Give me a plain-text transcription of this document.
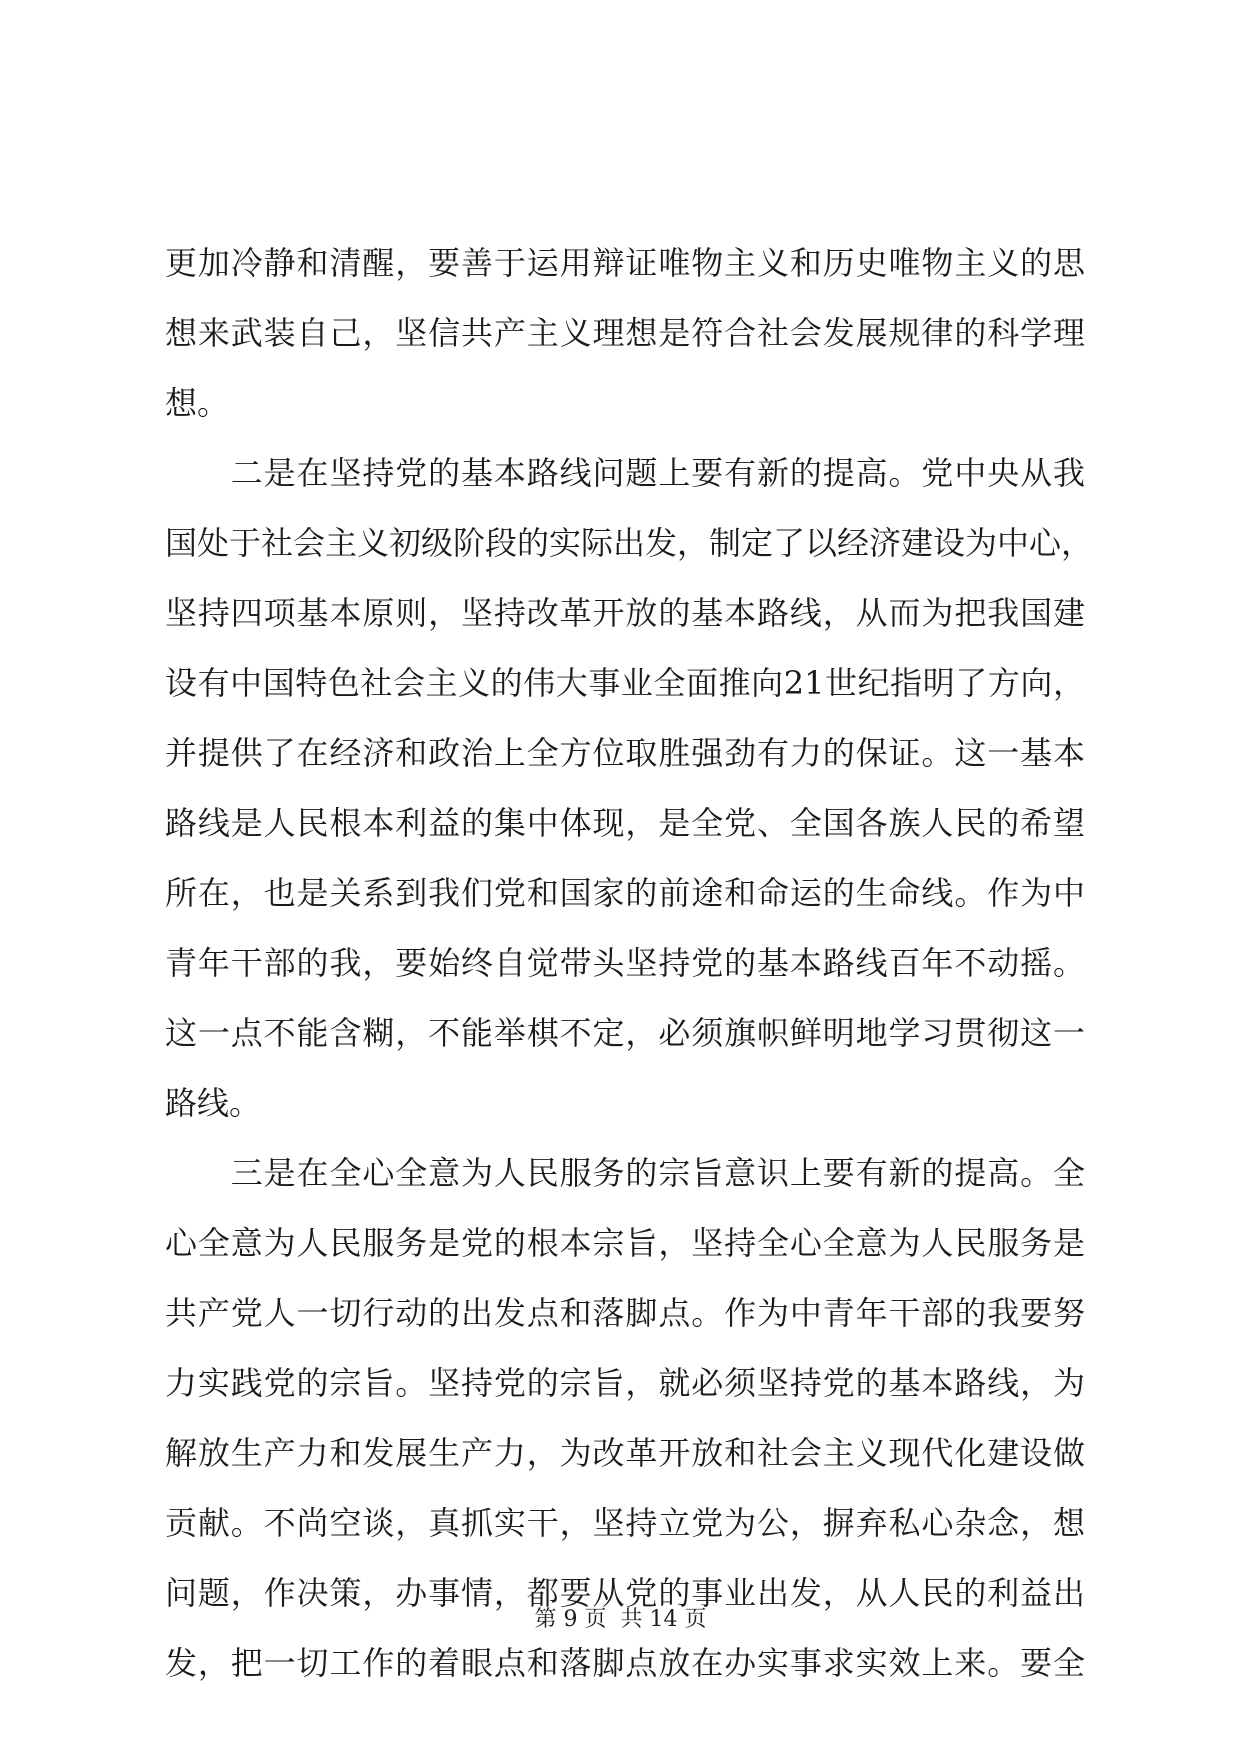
更加冷静和清醒，要善于运用辩证唯物主义和历史唯物主义的思
想来武装自己，坚信共产主义理想是符合社会发展规律的科学理
想。
　　二是在坚持党的基本路线问题上要有新的提高。党中央从我
国处于社会主义初级阶段的实际出发，制定了以经济建设为中心，
坚持四项基本原则，坚持改革开放的基本路线，从而为把我国建
设有中国特色社会主义的伟大事业全面推向21世纪指明了方向，
并提供了在经济和政治上全方位取胜强劲有力的保证。这一基本
路线是人民根本利益的集中体现，是全党、全国各族人民的希望
所在，也是关系到我们党和国家的前途和命运的生命线。作为中
青年干部的我，要始终自觉带头坚持党的基本路线百年不动摇。
这一点不能含糊，不能举棋不定，必须旗帜鲜明地学习贯彻这一
路线。
　　三是在全心全意为人民服务的宗旨意识上要有新的提高。全
心全意为人民服务是党的根本宗旨，坚持全心全意为人民服务是
共产党人一切行动的出发点和落脚点。作为中青年干部的我要努
力实践党的宗旨。坚持党的宗旨，就必须坚持党的基本路线，为
解放生产力和发展生产力，为改革开放和社会主义现代化建设做
贡献。不尚空谈，真抓实干，坚持立党为公，摒弃私心杂念，想
问题，作决策，办事情，都要从党的事业出发，从人民的利益出
发，把一切工作的着眼点和落脚点放在办实事求实效上来。要全
第 9 页  共 14 页
